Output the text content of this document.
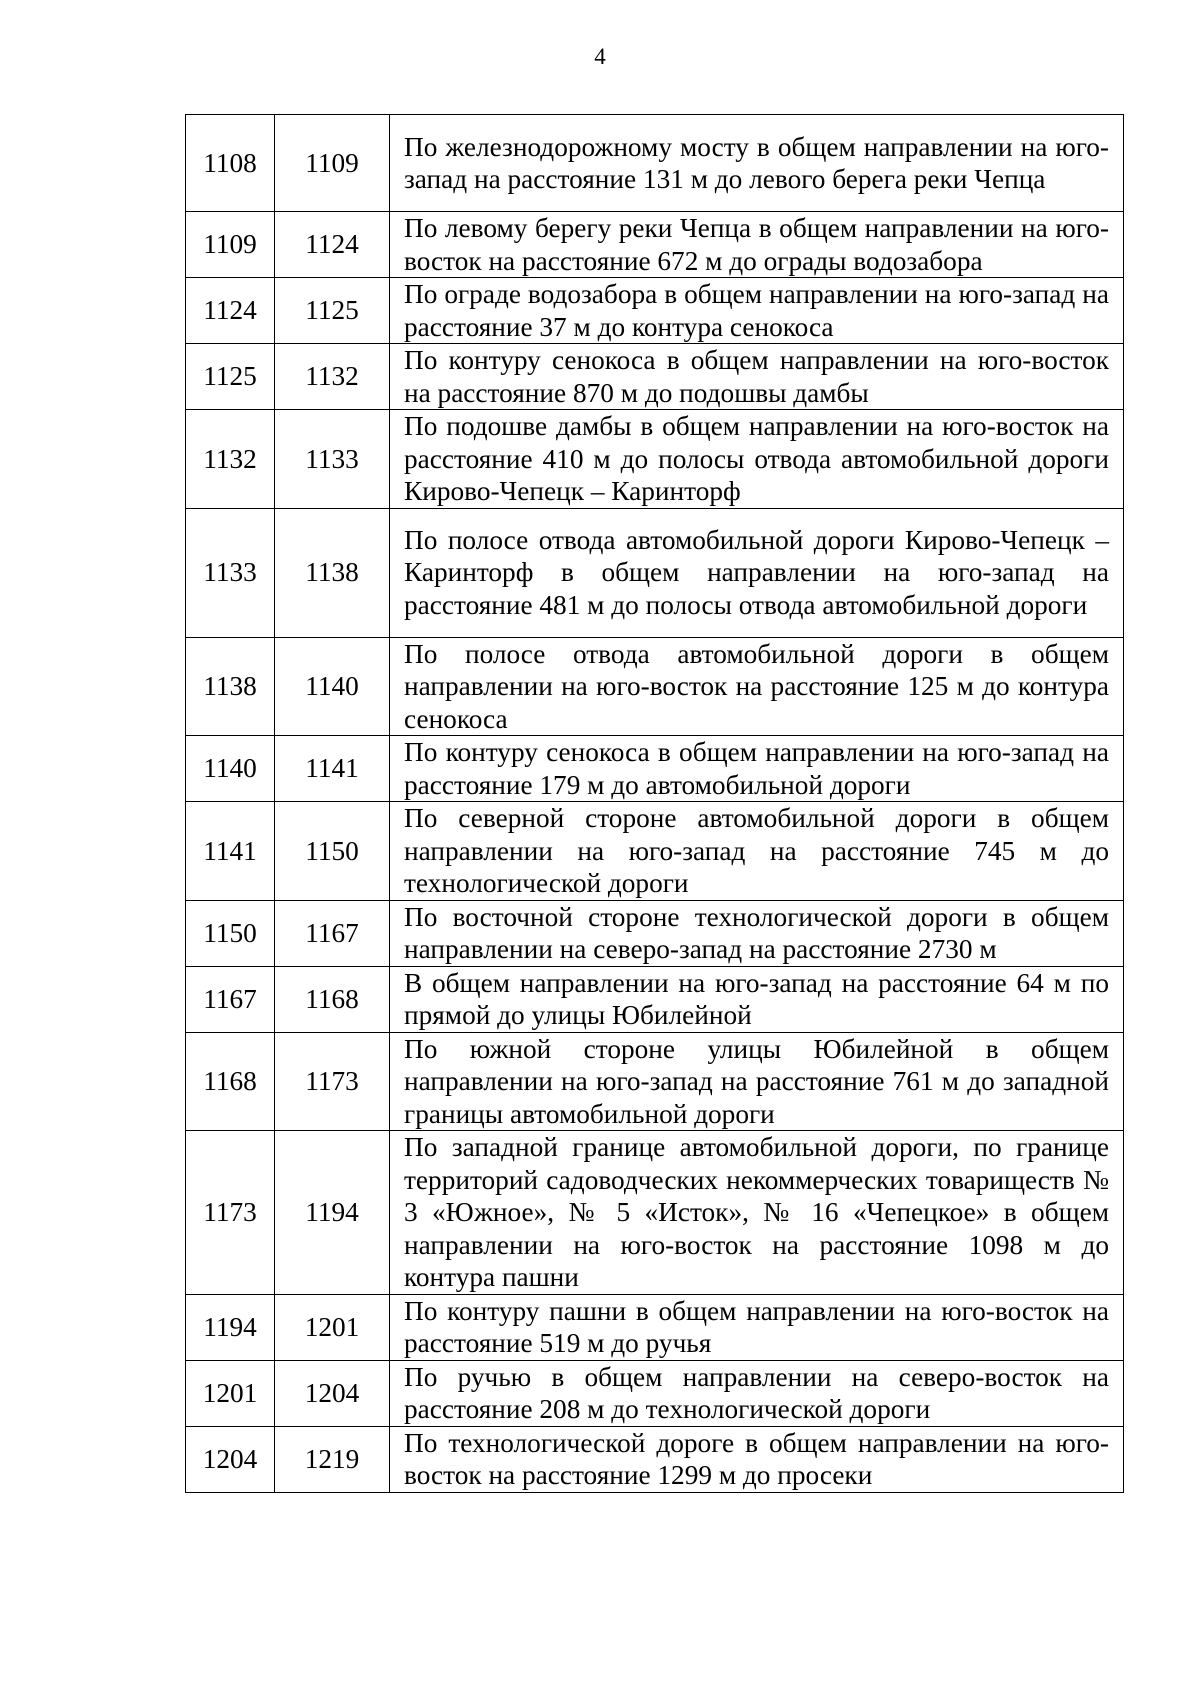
4
1108	1109	По железнодорожному мосту в общем направлении на юго-запад на расстояние 131 м до левого берега реки Чепца
1109	1124	По левому берегу реки Чепца в общем направлении на юго-восток на расстояние 672 м до ограды водозабора
1124	1125	По ограде водозабора в общем направлении на юго-запад на расстояние 37 м до контура сенокоса
1125	1132	По контуру сенокоса в общем направлении на юго-восток на расстояние 870 м до подошвы дамбы
1132	1133	По подошве дамбы в общем направлении на юго-восток на расстояние 410 м до полосы отвода автомобильной дороги Кирово-Чепецк – Каринторф
1133	1138	По полосе отвода автомобильной дороги Кирово-Чепецк – Каринторф в общем направлении на юго-запад на расстояние 481 м до полосы отвода автомобильной дороги
1138	1140	По полосе отвода автомобильной дороги в общем направлении на юго-восток на расстояние 125 м до контура сенокоса
1140	1141	По контуру сенокоса в общем направлении на юго-запад на расстояние 179 м до автомобильной дороги
1141	1150	По северной стороне автомобильной дороги в общем направлении на юго-запад на расстояние 745 м до технологической дороги
1150	1167	По восточной стороне технологической дороги в общем направлении на северо-запад на расстояние 2730 м
1167	1168	В общем направлении на юго-запад на расстояние 64 м по прямой до улицы Юбилейной
1168	1173	По южной стороне улицы Юбилейной в общем направлении на юго-запад на расстояние 761 м до западной границы автомобильной дороги
1173	1194	По западной границе автомобильной дороги, по границе территорий садоводческих некоммерческих товариществ № 3 «Южное», № 5 «Исток», № 16 «Чепецкое» в общем направлении на юго-восток на расстояние 1098 м до контура пашни
1194	1201	По контуру пашни в общем направлении на юго-восток на расстояние 519 м до ручья
1201	1204	По ручью в общем направлении на северо-восток на расстояние 208 м до технологической дороги
1204	1219	По технологической дороге в общем направлении на юго-восток на расстояние 1299 м до просеки
